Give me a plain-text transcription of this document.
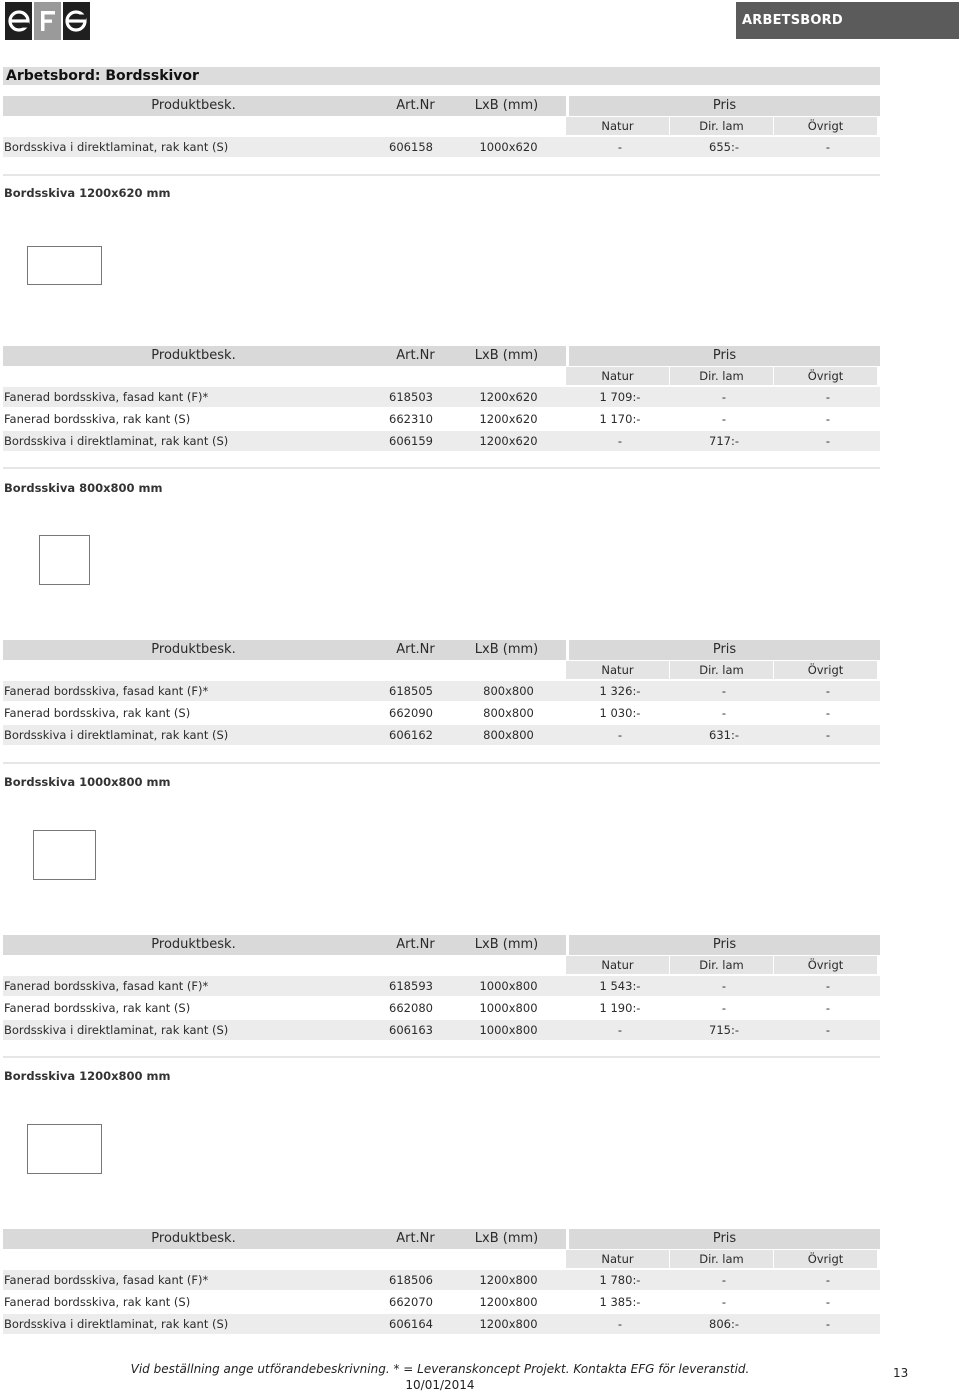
ARBETSBORD
Arbetsbord: Bordsskivor
Produktbesk.	Art.Nr	LxB (mm)	Pris
Natur	Dir. lam	Övrigt
Bordsskiva i direktlaminat, rak kant (S)	606158	1000x620	-	655:-	-
Bordsskiva 1200x620 mm
Produktbesk.	Art.Nr	LxB (mm)	Pris
Natur	Dir. lam	Övrigt
Fanerad bordsskiva, fasad kant (F)*	618503	1200x620	1 709:-	-	-
Fanerad bordsskiva, rak kant (S)	662310	1200x620	1 170:-	-	-
Bordsskiva i direktlaminat, rak kant (S)	606159	1200x620	-	717:-	-
Bordsskiva 800x800 mm
Produktbesk.	Art.Nr	LxB (mm)	Pris
Natur	Dir. lam	Övrigt
Fanerad bordsskiva, fasad kant (F)*	618505	800x800	1 326:-	-	-
Fanerad bordsskiva, rak kant (S)	662090	800x800	1 030:-	-	-
Bordsskiva i direktlaminat, rak kant (S)	606162	800x800	-	631:-	-
Bordsskiva 1000x800 mm
Produktbesk.	Art.Nr	LxB (mm)	Pris
Natur	Dir. lam	Övrigt
Fanerad bordsskiva, fasad kant (F)*	618593	1000x800	1 543:-	-	-
Fanerad bordsskiva, rak kant (S)	662080	1000x800	1 190:-	-	-
Bordsskiva i direktlaminat, rak kant (S)	606163	1000x800	-	715:-	-
Bordsskiva 1200x800 mm
Produktbesk.	Art.Nr	LxB (mm)	Pris
Natur	Dir. lam	Övrigt
Fanerad bordsskiva, fasad kant (F)*	618506	1200x800	1 780:-	-	-
Fanerad bordsskiva, rak kant (S)	662070	1200x800	1 385:-	-	-
Bordsskiva i direktlaminat, rak kant (S)	606164	1200x800	-	806:-	-
Vid beställning ange utförandebeskrivning. * = Leveranskoncept Projekt. Kontakta EFG för leveranstid.
10/01/2014
13
